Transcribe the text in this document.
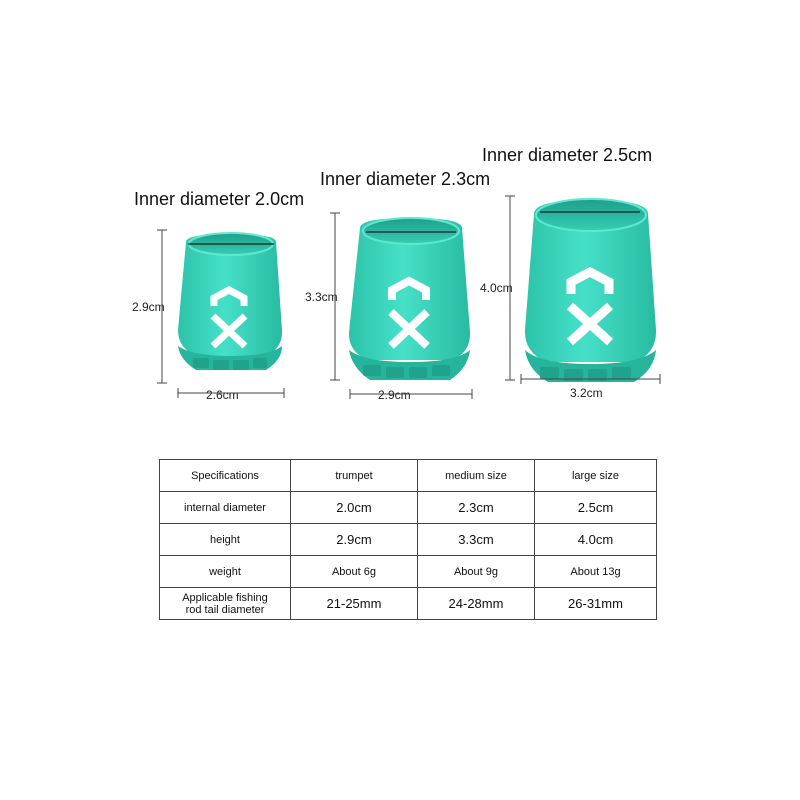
Inner diameter 2.0cm
Inner diameter 2.3cm
Inner diameter 2.5cm
2.9cm
3.3cm
4.0cm
2.6cm	2.9cm	3.2cm
Specifications	trumpet	medium size	large size
internal diameter	2.0cm	2.3cm	2.5cm
height	2.9cm	3.3cm	4.0cm
weight	About 6g	About 9g	About 13g

Applicable fishing
rod tail diameter	21-25mm	24-28mm	26-31mm
